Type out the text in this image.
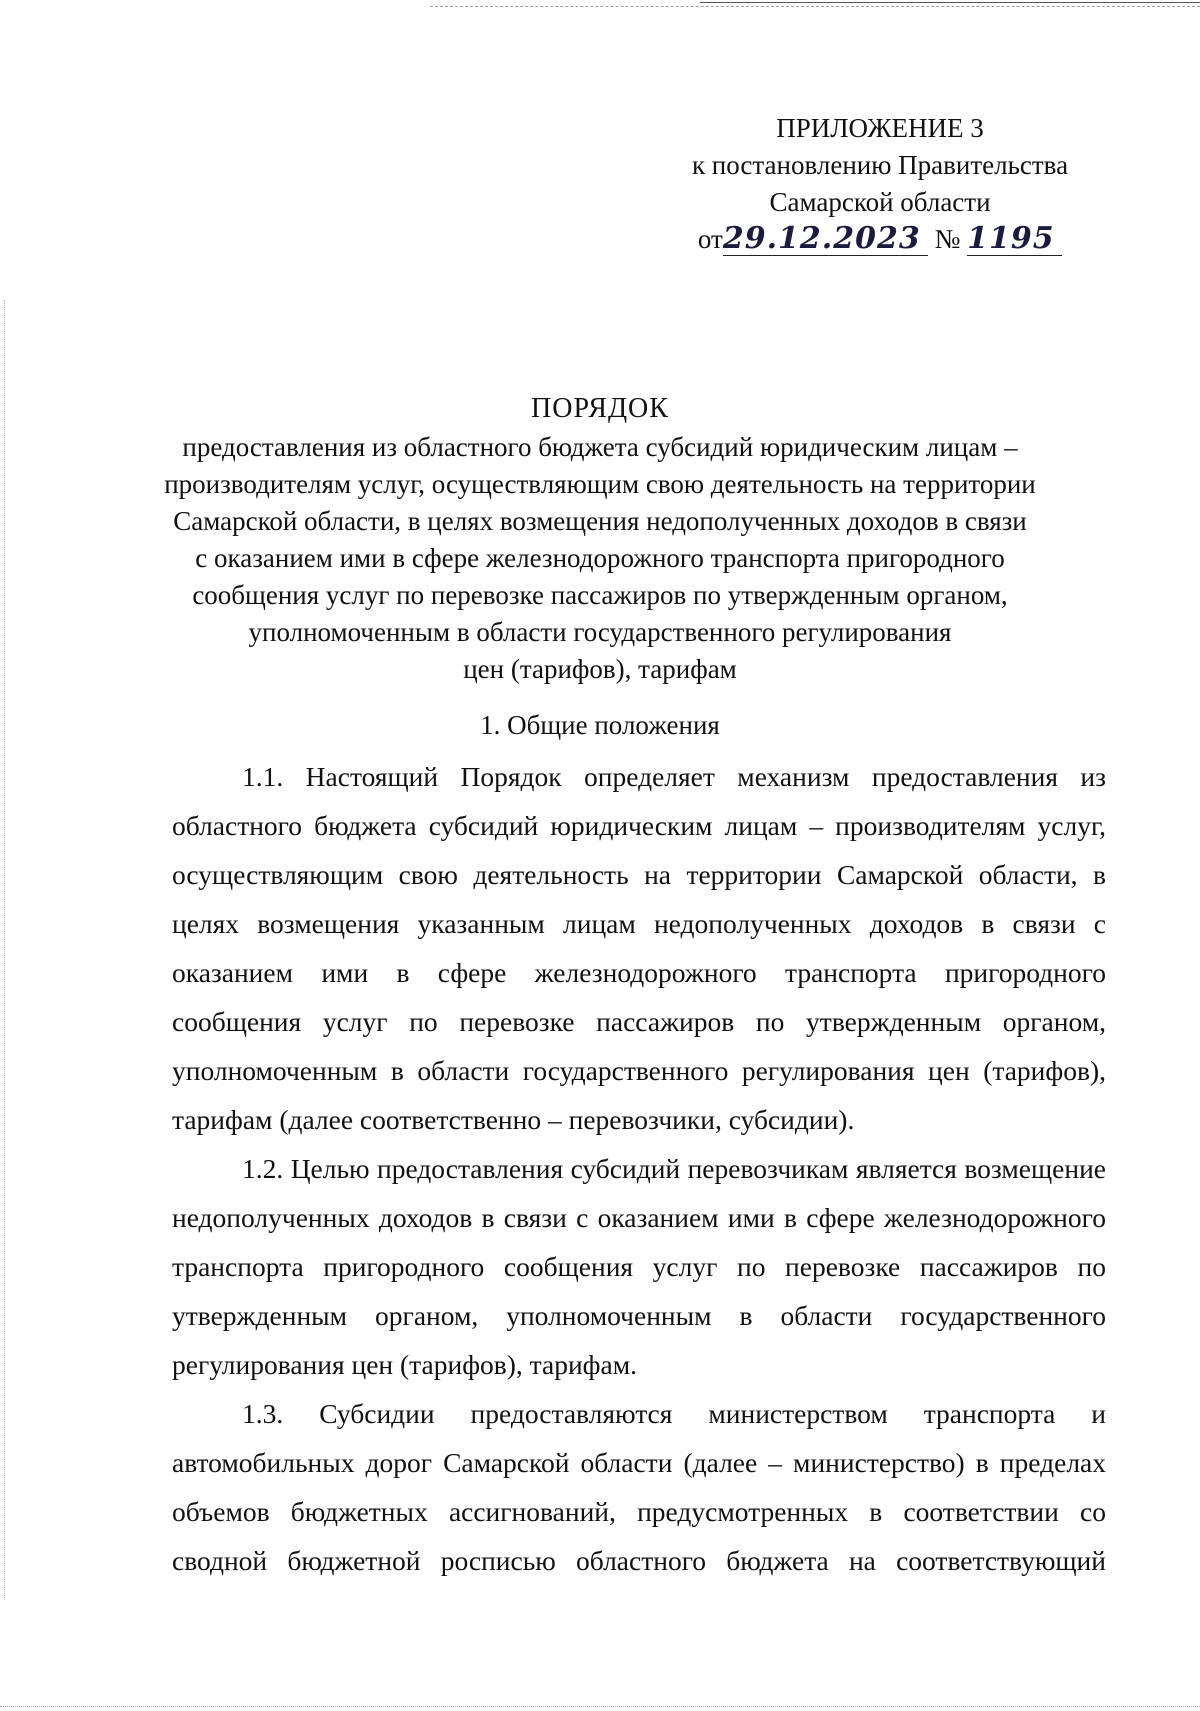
ПРИЛОЖЕНИЕ 3
к постановлению Правительства
Самарской области
от29.12.2023 № 1195
ПОРЯДОК
предоставления из областного бюджета субсидий юридическим лицам –
производителям услуг, осуществляющим свою деятельность на территории
Самарской области, в целях возмещения недополученных доходов в связи
с оказанием ими в сфере железнодорожного транспорта пригородного
сообщения услуг по перевозке пассажиров по утвержденным органом,
уполномоченным в области государственного регулирования
цен (тарифов), тарифам
1. Общие положения

1.1. Настоящий Порядок определяет механизм предоставления из областного бюджета субсидий юридическим лицам – производителям услуг, осуществляющим свою деятельность на территории Самарской области, в целях возмещения указанным лицам недополученных доходов в связи с оказанием ими в сфере железнодорожного транспорта пригородного сообщения услуг по перевозке пассажиров по утвержденным органом, уполномоченным в области государственного регулирования цен (тарифов), тарифам (далее соответственно – перевозчики, субсидии).

1.2. Целью предоставления субсидий перевозчикам является возмещение недополученных доходов в связи с оказанием ими в сфере железнодорожного транспорта пригородного сообщения услуг по перевозке пассажиров по утвержденным органом, уполномоченным в области государственного регулирования цен (тарифов), тарифам.

1.3. Субсидии предоставляются министерством транспорта и автомобильных дорог Самарской области (далее – министерство) в пределах объемов бюджетных ассигнований, предусмотренных в соответствии со сводной бюджетной росписью областного бюджета на соответствующий
